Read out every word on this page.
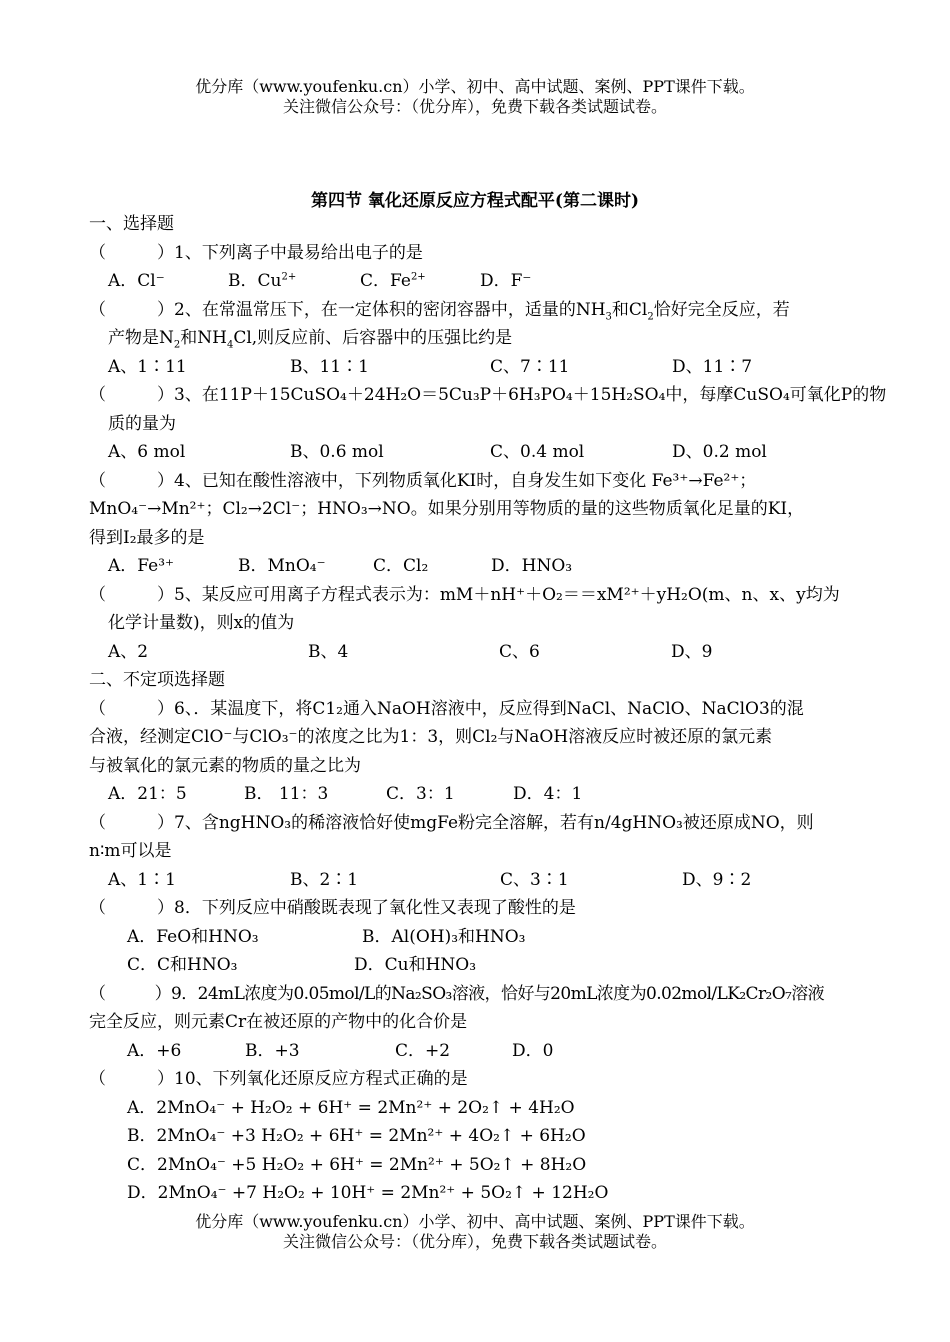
优分库（www.youfenku.cn）小学、初中、高中试题、案例、PPT课件下载。
关注微信公众号：（优分库），免费下载各类试题试卷。
第四节 氧化还原反应方程式配平(第二课时)
一、选择题
（　　　）1、下列离子中最易给出电子的是
A．Cl⁻	B．$Cu^{2+}$	C．$Fe^{2+}$	D．F⁻
（　　　）2、在常温常压下，在一定体积的密闭容器中，适量的$NH_3$和$Cl_2$恰好完全反应，若
产物是$N_2$和$NH_4Cl$,则反应前、后容器中的压强比约是
A、1∶11	B、11∶1	C、7∶11	D、11∶7
（　　　）3、在11P＋15CuSO₄＋24H₂O＝5Cu₃P＋6H₃PO₄＋15H₂SO₄中，每摩CuSO₄可氧化P的物
质的量为
A、6 mol	B、0.6 mol	C、0.4 mol	D、0.2 mol
（　　　）4、已知在酸性溶液中，下列物质氧化KI时，自身发生如下变化 Fe³⁺→Fe²⁺；
MnO₄⁻→Mn²⁺；Cl₂→2Cl⁻；HNO₃→NO。如果分别用等物质的量的这些物质氧化足量的KI，
得到I₂最多的是
A．Fe³⁺	B．MnO₄⁻	C．Cl₂	D．HNO₃
（　　　）5、某反应可用离子方程式表示为：mM＋nH⁺＋O₂＝＝xM²⁺＋yH₂O(m、n、x、y均为
化学计量数)，则x的值为
A、2	B、4	C、6	D、9
二、不定项选择题
（　　　）6、．某温度下，将C1₂通入NaOH溶液中，反应得到NaCl、NaClO、NaClO3的混
合液，经测定ClO⁻与ClO₃⁻的浓度之比为1：3，则Cl₂与NaOH溶液反应时被还原的氯元素
与被氧化的氯元素的物质的量之比为
A．21：5	B． 11：3	C．3：1	D．4：1
（　　　）7、含ngHNO₃的稀溶液恰好使mgFe粉完全溶解，若有n/4gHNO₃被还原成NO，则
n∶m可以是
A、1∶1	B、2∶1	C、3∶1	D、9∶2
（　　　）8．下列反应中硝酸既表现了氧化性又表现了酸性的是
A．FeO和HNO₃	B．Al(OH)₃和HNO₃
C．C和HNO₃	D．Cu和HNO₃
（　　　）9．24mL浓度为0.05mol/L的Na₂SO₃溶液，恰好与20mL浓度为0.02mol/LK₂Cr₂O₇溶液
完全反应，则元素Cr在被还原的产物中的化合价是
A．+6	B．+3	C．+2	D．0
（　　　）10、下列氧化还原反应方程式正确的是
A．2MnO₄⁻ + H₂O₂ + 6H⁺ = 2Mn²⁺ + 2O₂↑ + 4H₂O
B．2MnO₄⁻ +3 H₂O₂ + 6H⁺ = 2Mn²⁺ + 4O₂↑ + 6H₂O
C．2MnO₄⁻ +5 H₂O₂ + 6H⁺ = 2Mn²⁺ + 5O₂↑ + 8H₂O
D．2MnO₄⁻ +7 H₂O₂ + 10H⁺ = 2Mn²⁺ + 5O₂↑ + 12H₂O
优分库（www.youfenku.cn）小学、初中、高中试题、案例、PPT课件下载。
关注微信公众号：（优分库），免费下载各类试题试卷。
